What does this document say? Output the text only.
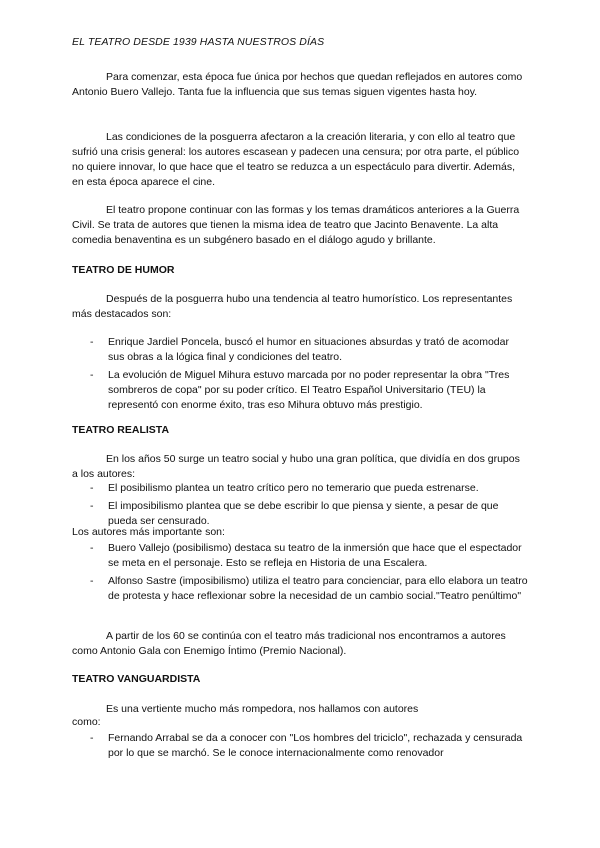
EL TEATRO DESDE 1939 HASTA NUESTROS DÍAS

Para comenzar, esta época fue única por hechos que quedan reflejados en autores como Antonio Buero Vallejo. Tanta fue la influencia que sus temas siguen vigentes hasta hoy.

Las condiciones de la posguerra afectaron a la creación literaria, y con ello al teatro que sufrió una crisis general: los autores escasean y padecen una censura; por otra parte, el público no quiere innovar, lo que hace que el teatro se reduzca a un espectáculo para divertir. Además, en esta época aparece el cine.

El teatro propone continuar con las formas y los temas dramáticos anteriores a la Guerra Civil. Se trata de autores que tienen la misma idea de teatro que Jacinto Benavente. La alta comedia benaventina es un subgénero basado en el diálogo agudo y brillante.

TEATRO DE HUMOR

Después de la posguerra hubo una tendencia al teatro humorístico. Los representantes más destacados son:

- Enrique Jardiel Poncela, buscó el humor en situaciones absurdas y trató de acomodar sus obras a la lógica final y condiciones del teatro.
- La evolución de Miguel Mihura estuvo marcada por no poder representar la obra "Tres sombreros de copa" por su poder crítico. El Teatro Español Universitario (TEU) la representó con enorme éxito, tras eso Mihura obtuvo más prestigio.
TEATRO REALISTA

En los años 50 surge un teatro social y hubo una gran política, que dividía en dos grupos a los autores:

- El posibilismo plantea un teatro crítico pero no temerario que pueda estrenarse.
- El imposibilismo plantea que se debe escribir lo que piensa y siente, a pesar de que pueda ser censurado.
Los autores más importante son:
- Buero Vallejo (posibilismo) destaca su teatro de la inmersión que hace que el espectador se meta en el personaje. Esto se refleja en Historia de una Escalera.
- Alfonso Sastre (imposibilismo) utiliza el teatro para concienciar, para ello elabora un teatro de protesta y hace reflexionar sobre la necesidad de un cambio social."Teatro penúltimo"

A partir de los 60 se continúa con el teatro más tradicional nos encontramos a autores como Antonio Gala con Enemigo Íntimo (Premio Nacional).

TEATRO VANGUARDISTA

Es una vertiente mucho más rompedora, nos hallamos con autores

como:
- Fernando Arrabal se da a conocer con "Los hombres del triciclo", rechazada y censurada por lo que se marchó. Se le conoce internacionalmente como renovador
